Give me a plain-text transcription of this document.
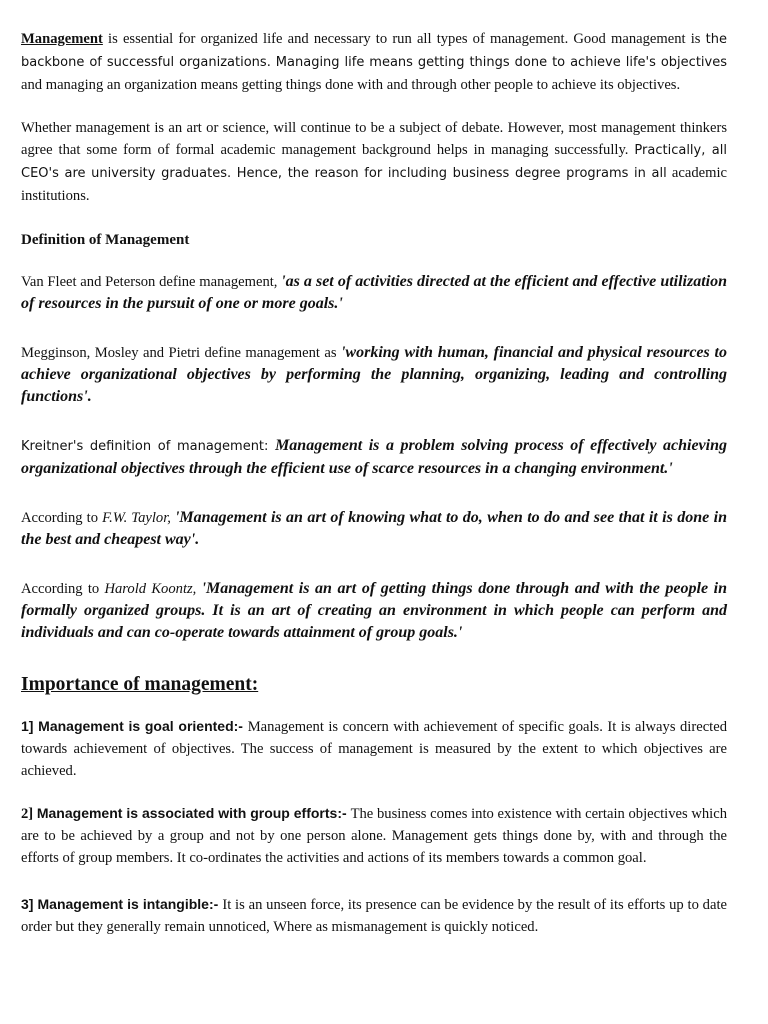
Management is essential for organized life and necessary to run all types of management. Good management is the backbone of successful organizations. Managing life means getting things done to achieve life's objectives and managing an organization means getting things done with and through other people to achieve its objectives.

Whether management is an art or science, will continue to be a subject of debate. However, most management thinkers agree that some form of formal academic management background helps in managing successfully. Practically, all CEO's are university graduates. Hence, the reason for including business degree programs in all academic institutions.

Definition of Management

Van Fleet and Peterson define management, 'as a set of activities directed at the efficient and effective utilization of resources in the pursuit of one or more goals.'

Megginson, Mosley and Pietri define management as 'working with human, financial and physical resources to achieve organizational objectives by performing the planning, organizing, leading and controlling functions'.

Kreitner's definition of management: Management is a problem solving process of effectively achieving organizational objectives through the efficient use of scarce resources in a changing environment.'

According to F.W. Taylor, 'Management is an art of knowing what to do, when to do and see that it is done in the best and cheapest way'.

According to Harold Koontz, 'Management is an art of getting things done through and with the people in formally organized groups. It is an art of creating an environment in which people can perform and individuals and can co-operate towards attainment of group goals.'

Importance of management:

1] Management is goal oriented:- Management is concern with achievement of specific goals. It is always directed towards achievement of objectives. The success of management is measured by the extent to which objectives are achieved.

2] Management is associated with group efforts:- The business comes into existence with certain objectives which are to be achieved by a group and not by one person alone. Management gets things done by, with and through the efforts of group members. It co-ordinates the activities and actions of its members towards a common goal.

3] Management is intangible:- It is an unseen force, its presence can be evidence by the result of its efforts up to date order but they generally remain unnoticed, Where as mismanagement is quickly noticed.
